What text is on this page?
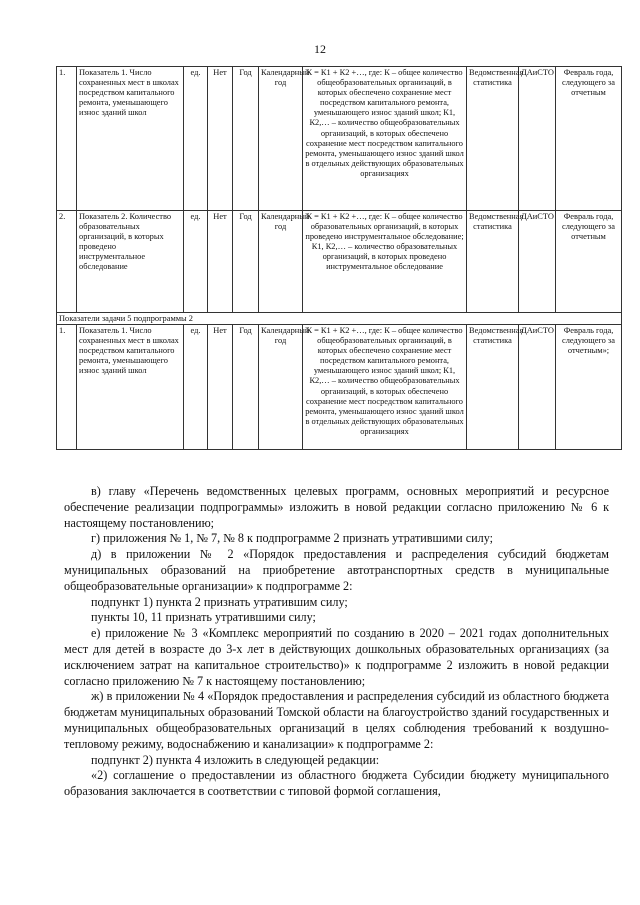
12
1.	Показатель 1. Число сохраненных мест в школах посредством капитального ремонта, уменьшающего износ зданий школ	ед.	Нет	Год	Календарный год	К = К1 + К2 +…, где: К – общее количество общеобразовательных организаций, в которых обеспечено сохранение мест посредством капитального ремонта, уменьшающего износ зданий школ; К1, К2,… – количество общеобразовательных организаций, в которых обеспечено сохранение мест посредством капитального ремонта, уменьшающего износ зданий школ в отдельных действующих образовательных организациях	Ведомственная статистика	ДАиСТО	Февраль года, следующего за отчетным
2.	Показатель 2. Количество образовательных организаций, в которых проведено инструментальное обследование	ед.	Нет	Год	Календарный год	К = К1 + К2 +…, где: К – общее количество образовательных организаций, в которых проведено инструментальное обследование; К1, К2,… – количество образовательных организаций, в которых проведено инструментальное обследование	Ведомственная статистика	ДАиСТО	Февраль года, следующего за отчетным
Показатели задачи 5 подпрограммы 2									
1.	Показатель 1. Число сохраненных мест в школах посредством капитального ремонта, уменьшающего износ зданий школ	ед.	Нет	Год	Календарный год	К = К1 + К2 +…, где: К – общее количество общеобразовательных организаций, в которых обеспечено сохранение мест посредством капитального ремонта, уменьшающего износ зданий школ; К1, К2,… – количество общеобразовательных организаций, в которых обеспечено сохранение мест посредством капитального ремонта, уменьшающего износ зданий школ в отдельных действующих образовательных организациях	Ведомственная статистика	ДАиСТО	Февраль года, следующего за отчетным»;

в) главу «Перечень ведомственных целевых программ, основных мероприятий и ресурсное обеспечение реализации подпрограммы» изложить в новой редакции согласно приложению № 6 к настоящему постановлению;

г) приложения № 1, № 7, № 8 к подпрограмме 2 признать утратившими силу;

д) в приложении № 2 «Порядок предоставления и распределения субсидий бюджетам муниципальных образований на приобретение автотранспортных средств в муниципальные общеобразовательные организации» к подпрограмме 2:

подпункт 1) пункта 2 признать утратившим силу;

пункты 10, 11 признать утратившими силу;

е) приложение № 3 «Комплекс мероприятий по созданию в 2020 – 2021 годах дополнительных мест для детей в возрасте до 3-х лет в действующих дошкольных образовательных организациях (за исключением затрат на капитальное строительство)» к подпрограмме 2 изложить в новой редакции согласно приложению № 7 к настоящему постановлению;

ж) в приложении № 4 «Порядок предоставления и распределения субсидий из областного бюджета бюджетам муниципальных образований Томской области на благоустройство зданий государственных и муниципальных общеобразовательных организаций в целях соблюдения требований к воздушно-тепловому режиму, водоснабжению и канализации» к подпрограмме 2:

подпункт 2) пункта 4 изложить в следующей редакции:

«2) соглашение о предоставлении из областного бюджета Субсидии бюджету муниципального образования заключается в соответствии с типовой формой соглашения,
